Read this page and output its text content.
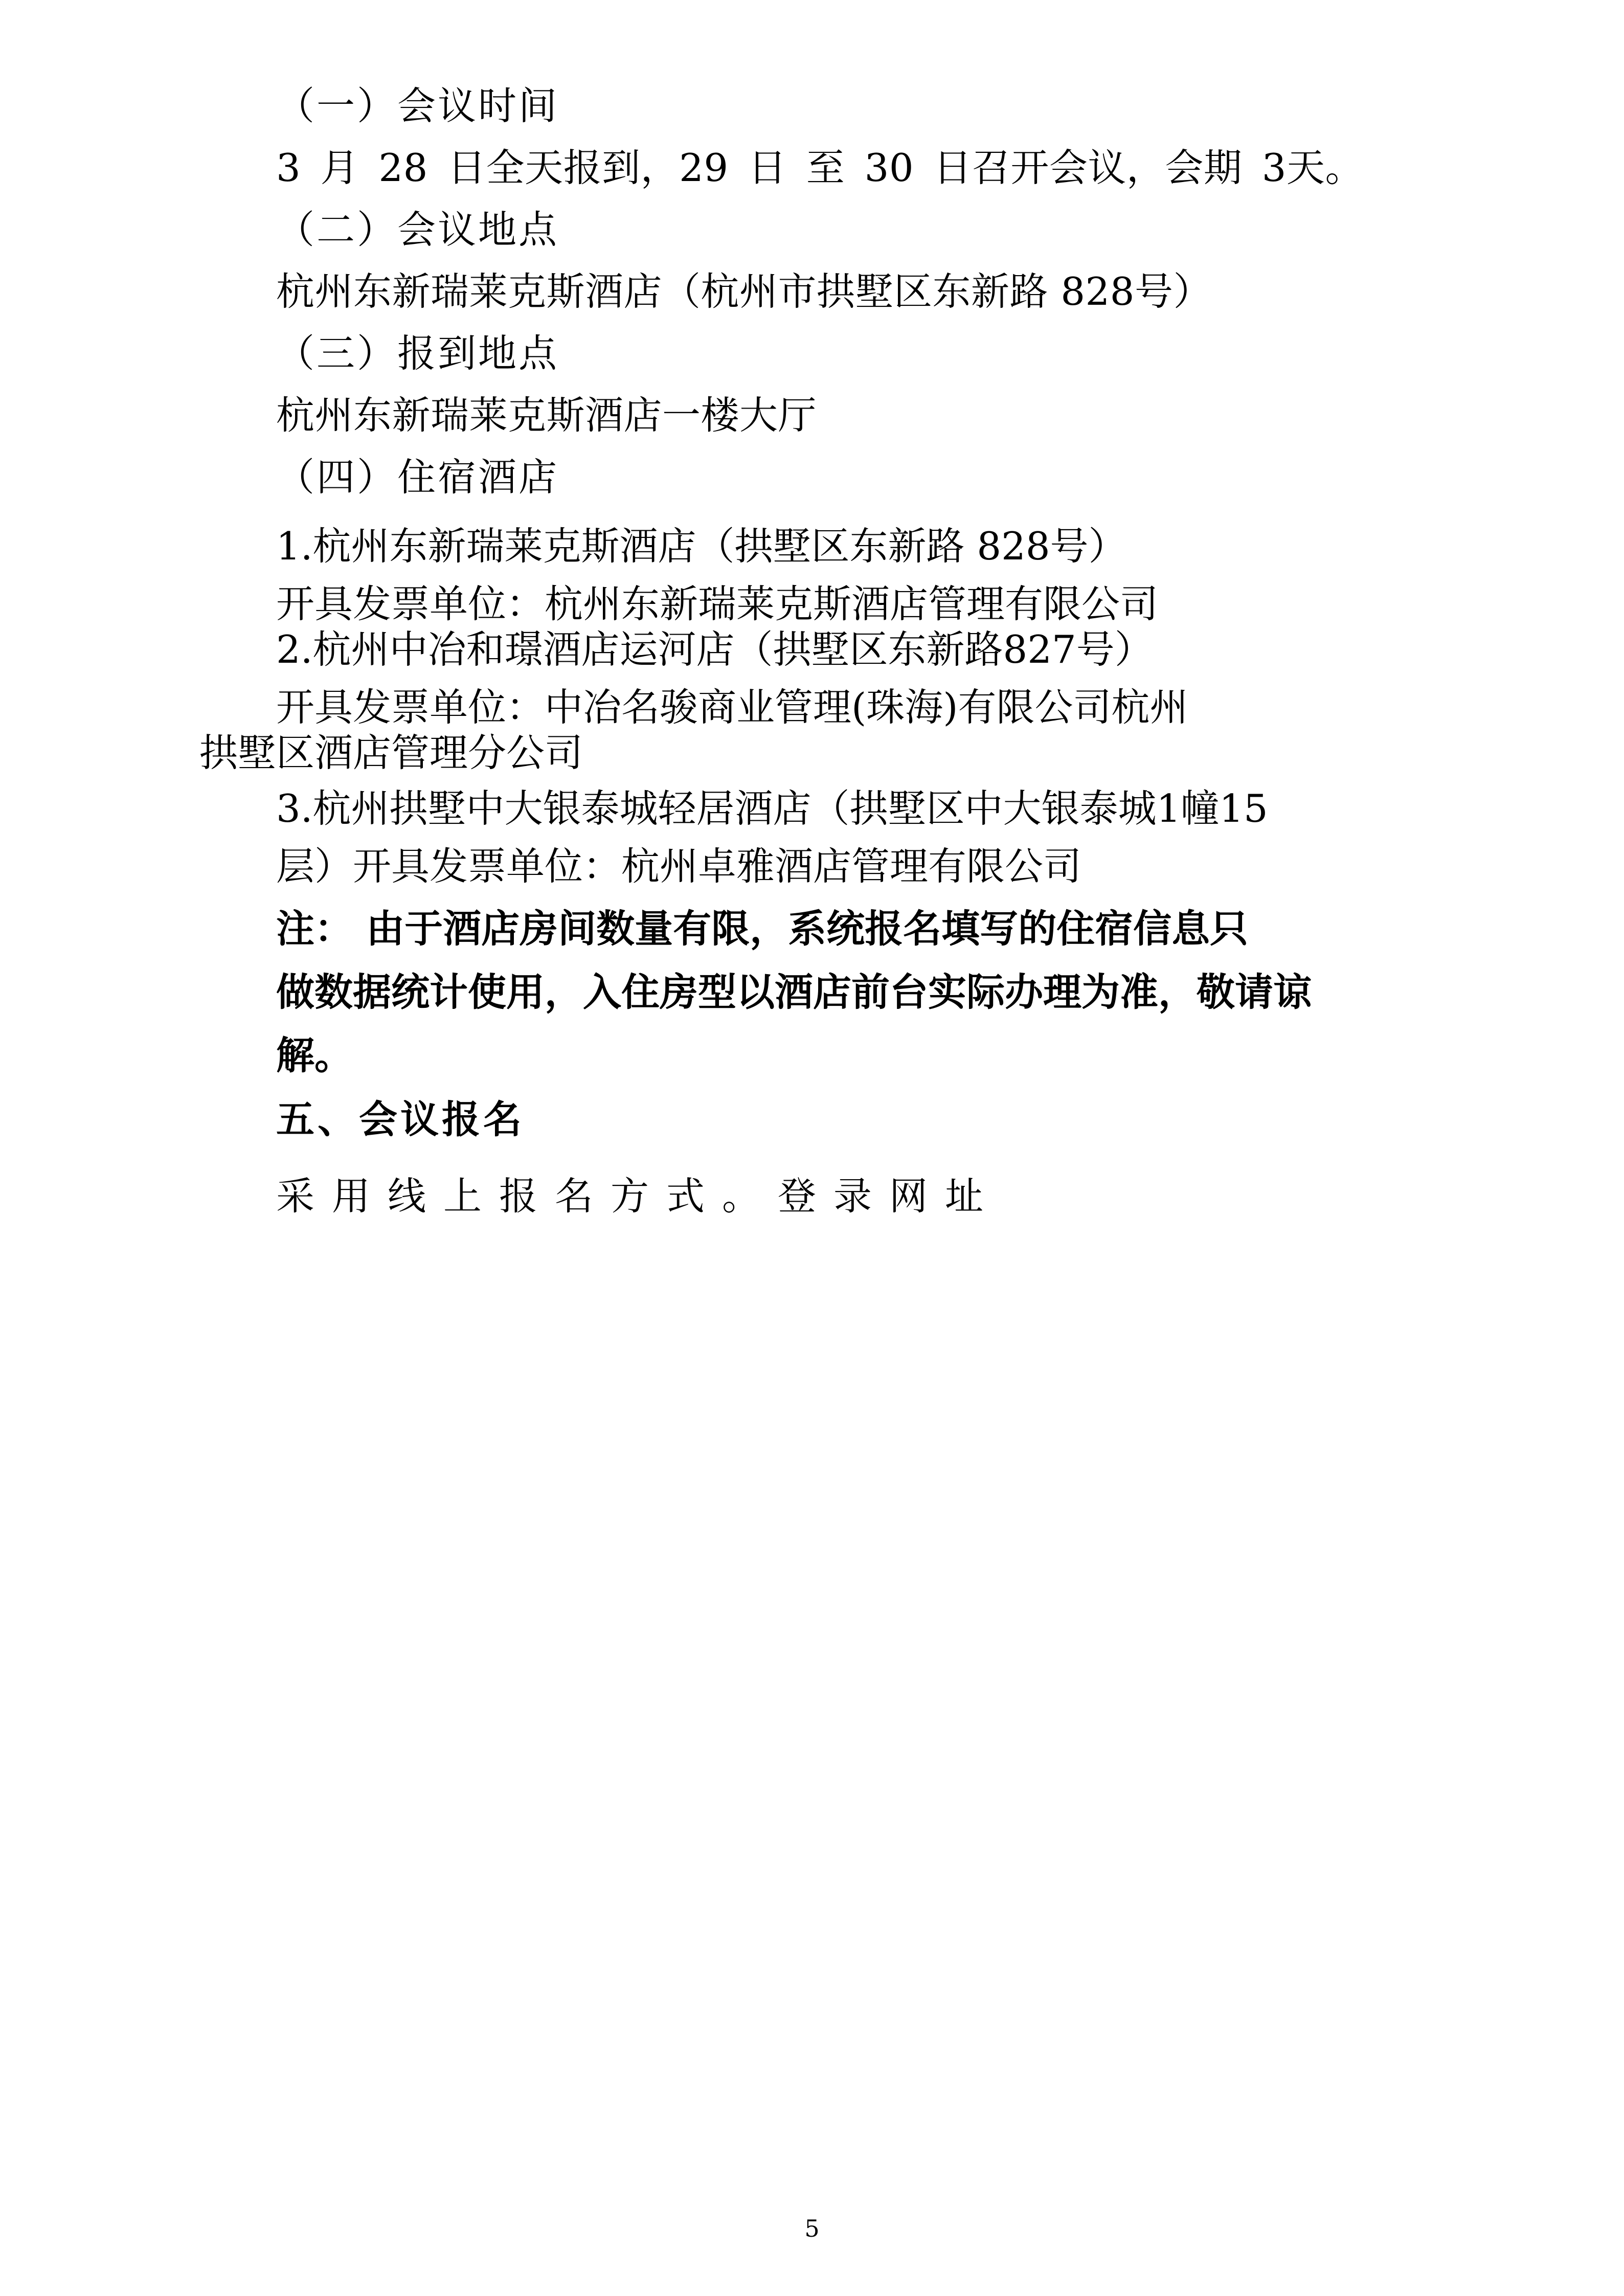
（一）会议时间

3 月 28 日全天报到，29 日 至 30 日召开会议，会期 3天。

（二）会议地点

杭州东新瑞莱克斯酒店（杭州市拱墅区东新路 828号）

（三）报到地点

杭州东新瑞莱克斯酒店一楼大厅

（四）住宿酒店

1.杭州东新瑞莱克斯酒店（拱墅区东新路 828号）

开具发票单位：杭州东新瑞莱克斯酒店管理有限公司

2.杭州中冶和璟酒店运河店（拱墅区东新路827号）

开具发票单位：中冶名骏商业管理(珠海)有限公司杭州

拱墅区酒店管理分公司

3.杭州拱墅中大银泰城轻居酒店（拱墅区中大银泰城1幢15

层）开具发票单位：杭州卓雅酒店管理有限公司

注： 由于酒店房间数量有限，系统报名填写的住宿信息只

做数据统计使用，入住房型以酒店前台实际办理为准，敬请谅

解。

五、会议报名

采用线上报名方式。登录网址

5
